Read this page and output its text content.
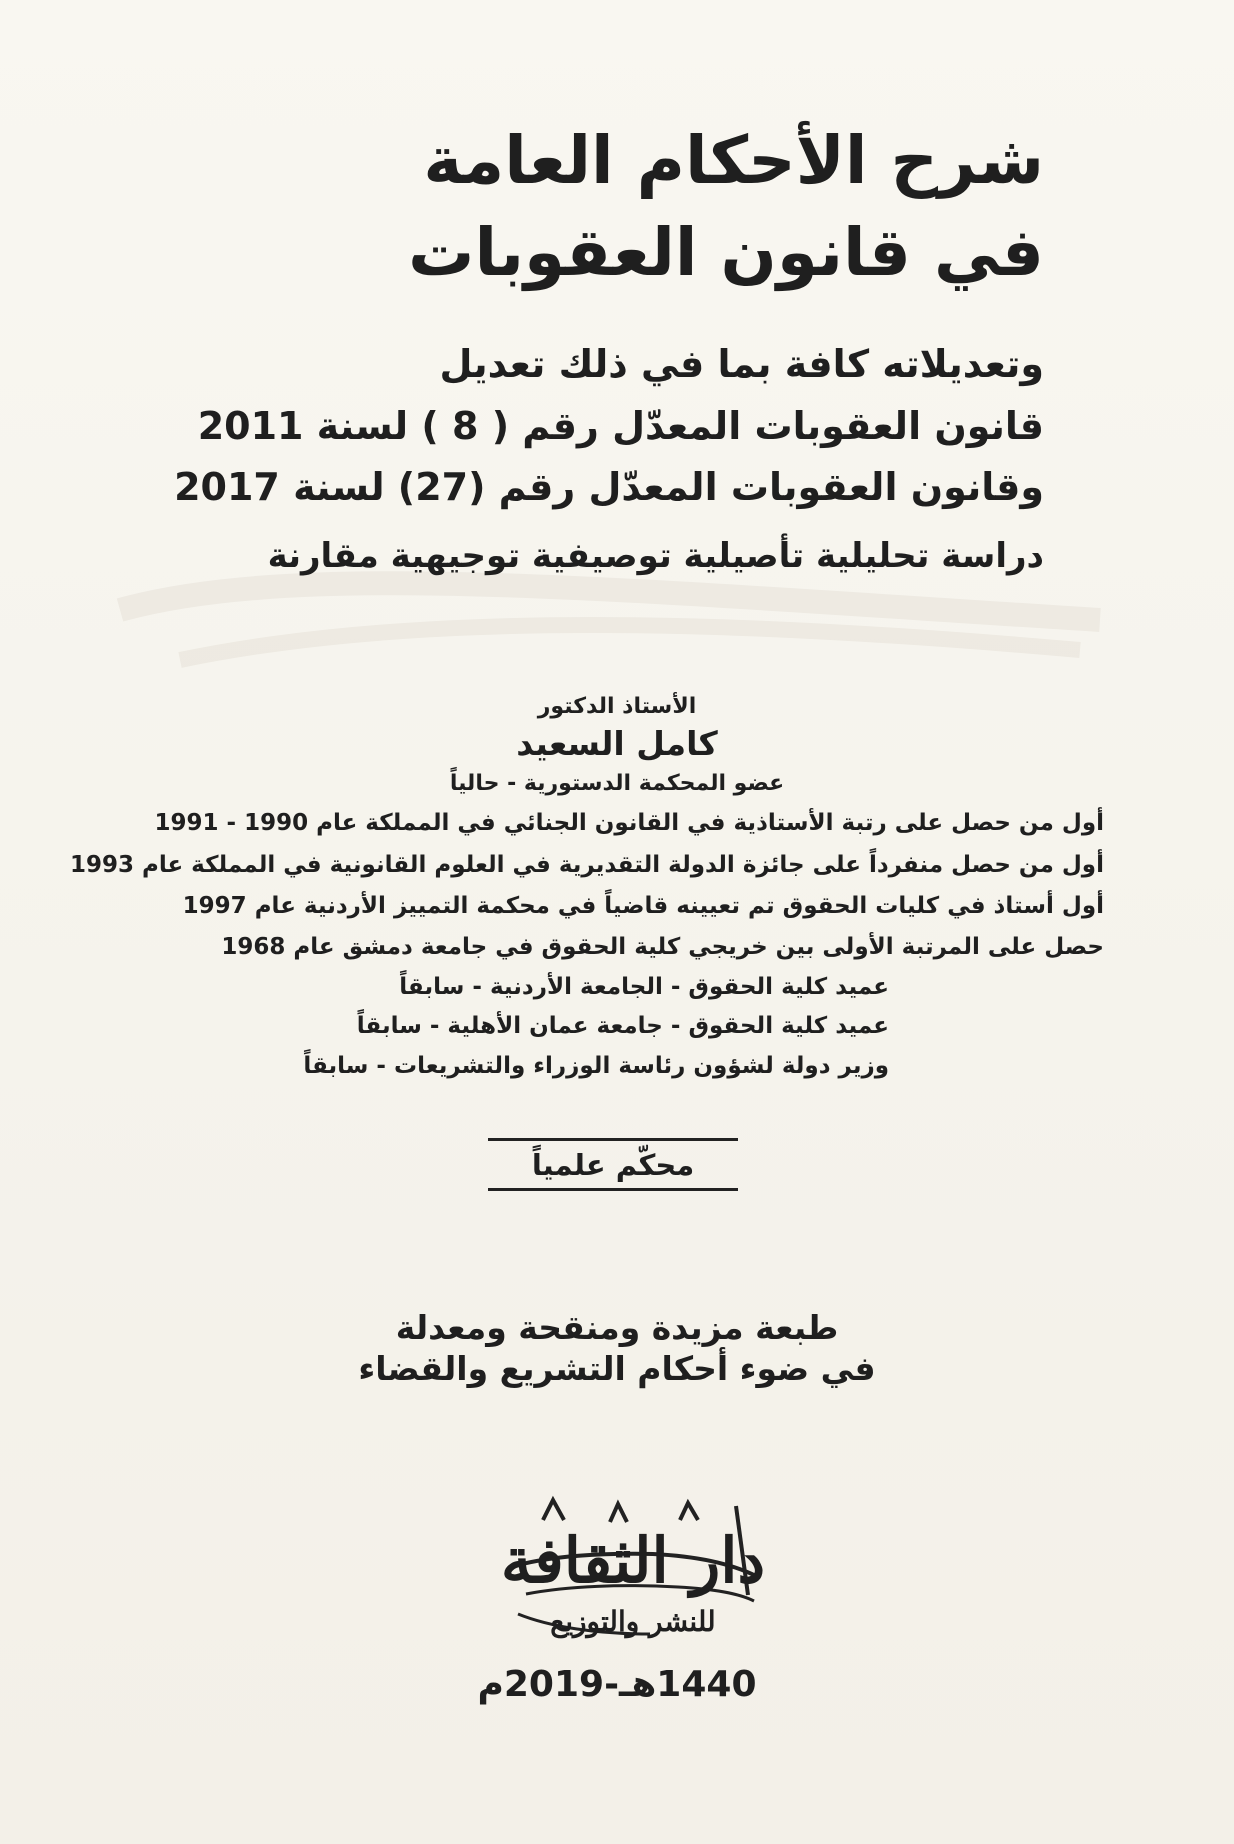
شرح الأحكام العامة
في قانون العقوبات
وتعديلاته كافة بما في ذلك تعديل
قانون العقوبات المعدّل رقم ( 8 ) لسنة 2011
وقانون العقوبات المعدّل رقم (27) لسنة 2017
دراسة تحليلية تأصيلية توصيفية توجيهية مقارنة
الأستاذ الدكتور
كامل السعيد
عضو المحكمة الدستورية - حالياً
أول من حصل على رتبة الأستاذية في القانون الجنائي في المملكة عام 1990 - 1991
أول من حصل منفرداً على جائزة الدولة التقديرية في العلوم القانونية في المملكة عام 1993
أول أستاذ في كليات الحقوق تم تعيينه قاضياً في محكمة التمييز الأردنية عام 1997
حصل على المرتبة الأولى بين خريجي كلية الحقوق في جامعة دمشق عام 1968
عميد كلية الحقوق - الجامعة الأردنية - سابقاً
عميد كلية الحقوق - جامعة عمان الأهلية - سابقاً
وزير دولة لشؤون رئاسة الوزراء والتشريعات - سابقاً
محكّم علمياً
طبعة مزيدة ومنقحة ومعدلة
في ضوء أحكام التشريع والقضاء
دار الثقافة
للنشر والتوزيع
1440هـ-2019م
